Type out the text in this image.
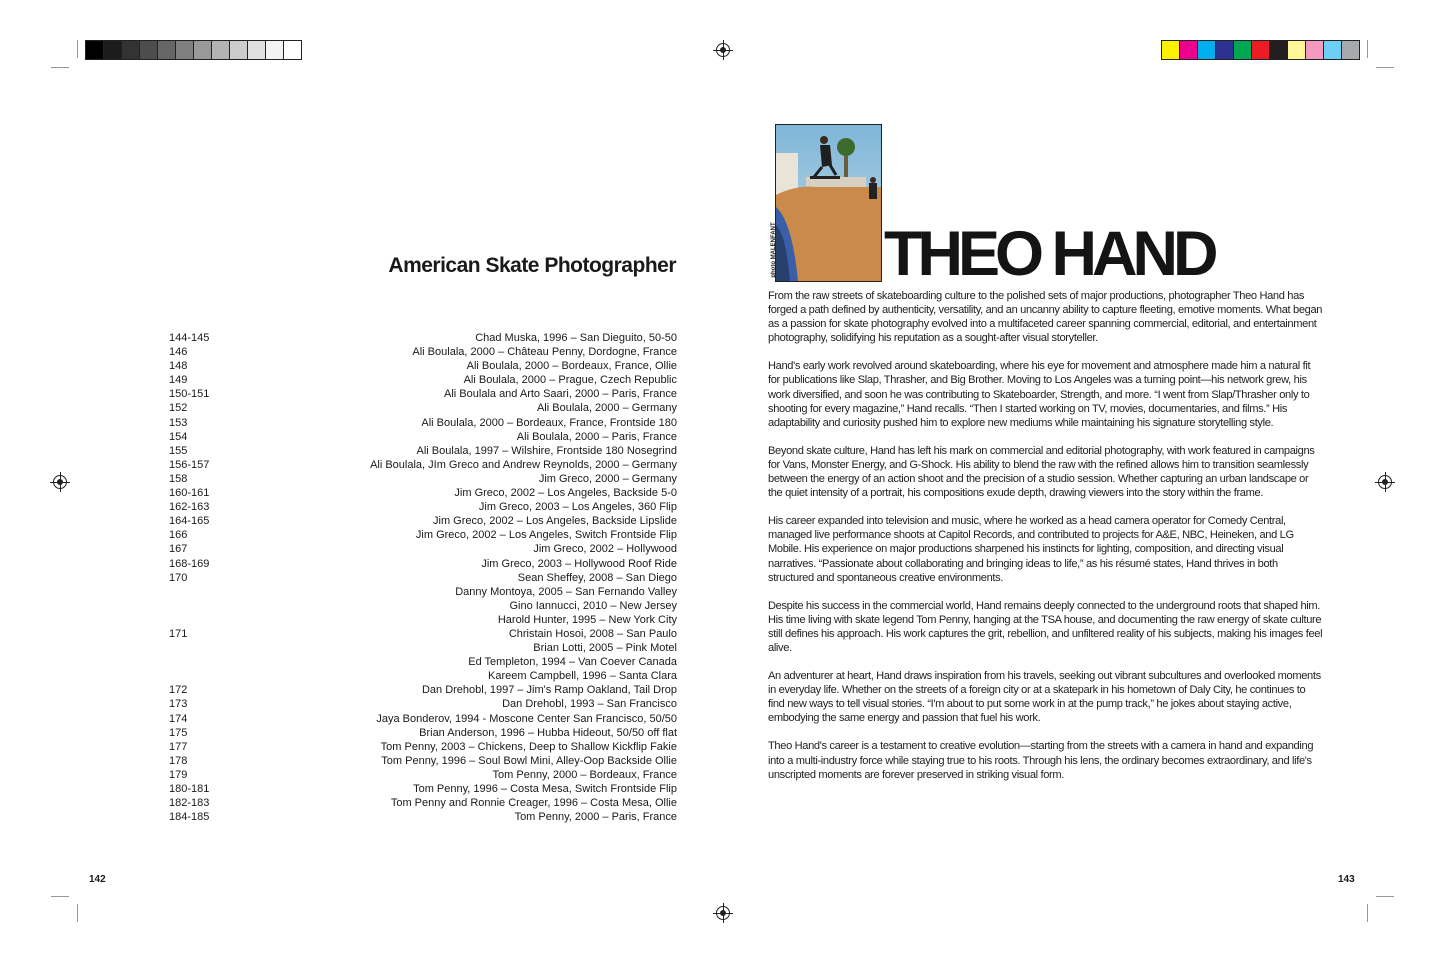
American Skate Photographer
144-145	Chad Muska, 1996 – San Dieguito, 50-50
146	Ali Boulala, 2000 – Château Penny, Dordogne, France
148	Ali Boulala, 2000 – Bordeaux, France, Ollie
149	Ali Boulala, 2000 – Prague, Czech Republic
150-151	Ali Boulala and Arto Saari, 2000 – Paris, France
152	Ali Boulala, 2000 – Germany
153	Ali Boulala, 2000 – Bordeaux, France, Frontside 180
154	Ali Boulala, 2000 – Paris, France
155	Ali Boulala, 1997 – Wilshire, Frontside 180 Nosegrind
156-157	Ali Boulala, JIm Greco and Andrew Reynolds, 2000 – Germany
158	Jim Greco, 2000 – Germany
160-161	Jim Greco, 2002 – Los Angeles, Backside 5-0
162-163	Jim Greco, 2003 – Los Angeles, 360 Flip
164-165	Jim Greco, 2002 – Los Angeles, Backside Lipslide
166	Jim Greco, 2002 – Los Angeles, Switch Frontside Flip
167	Jim Greco, 2002 – Hollywood
168-169	Jim Greco, 2003 – Hollywood Roof Ride
170	Sean Sheffey, 2008 – San Diego
Danny Montoya, 2005 – San Fernando Valley
Gino Iannucci, 2010 – New Jersey
Harold Hunter, 1995 – New York City
171	Christain Hosoi, 2008 – San Paulo
Brian Lotti, 2005 – Pink Motel
Ed Templeton, 1994 – Van Coever Canada
Kareem Campbell, 1996 – Santa Clara
172	Dan Drehobl, 1997 – Jim's Ramp Oakland, Tail Drop
173	Dan Drehobl, 1993 – San Francisco
174	Jaya Bonderov, 1994 - Moscone Center San Francisco, 50/50
175	Brian Anderson, 1996 – Hubba Hideout, 50/50 off flat
177	Tom Penny, 2003 – Chickens, Deep to Shallow Kickflip Fakie
178	Tom Penny, 1996 – Soul Bowl Mini, Alley-Oop Backside Ollie
179	Tom Penny, 2000 – Bordeaux, France
180-181	Tom Penny, 1996 – Costa Mesa, Switch Frontside Flip
182-183	Tom Penny and Ronnie Creager, 1996 – Costa Mesa, Ollie
184-185	Tom Penny, 2000 – Paris, France
142
photo MALENFANT THEO HAND

From the raw streets of skateboarding culture to the polished sets of major productions, photographer Theo Hand has forged a path defined by authenticity, versatility, and an uncanny ability to capture fleeting, emotive moments. What began as a passion for skate photography evolved into a multifaceted career spanning commercial, editorial, and entertainment photography, solidifying his reputation as a sought-after visual storyteller.

Hand's early work revolved around skateboarding, where his eye for movement and atmosphere made him a natural fit for publications like Slap, Thrasher, and Big Brother. Moving to Los Angeles was a turning point—his network grew, his work diversified, and soon he was contributing to Skateboarder, Strength, and more. “I went from Slap/Thrasher only to shooting for every magazine,” Hand recalls. “Then I started working on TV, movies, documentaries, and films.” His adaptability and curiosity pushed him to explore new mediums while maintaining his signature storytelling style.

Beyond skate culture, Hand has left his mark on commercial and editorial photography, with work featured in campaigns for Vans, Monster Energy, and G-Shock. His ability to blend the raw with the refined allows him to transition seamlessly between the energy of an action shoot and the precision of a studio session. Whether capturing an urban landscape or the quiet intensity of a portrait, his compositions exude depth, drawing viewers into the story within the frame.

His career expanded into television and music, where he worked as a head camera operator for Comedy Central, managed live performance shoots at Capitol Records, and contributed to projects for A&E, NBC, Heineken, and LG Mobile. His experience on major productions sharpened his instincts for lighting, composition, and directing visual narratives. “Passionate about collaborating and bringing ideas to life,” as his résumé states, Hand thrives in both structured and spontaneous creative environments.

Despite his success in the commercial world, Hand remains deeply connected to the underground roots that shaped him. His time living with skate legend Tom Penny, hanging at the TSA house, and documenting the raw energy of skate culture still defines his approach. His work captures the grit, rebellion, and unfiltered reality of his subjects, making his images feel alive.

An adventurer at heart, Hand draws inspiration from his travels, seeking out vibrant subcultures and overlooked moments in everyday life. Whether on the streets of a foreign city or at a skatepark in his hometown of Daly City, he continues to find new ways to tell visual stories. “I'm about to put some work in at the pump track,” he jokes about staying active, embodying the same energy and passion that fuel his work.

Theo Hand's career is a testament to creative evolution—starting from the streets with a camera in hand and expanding into a multi-industry force while staying true to his roots. Through his lens, the ordinary becomes extraordinary, and life's unscripted moments are forever preserved in striking visual form.

143
